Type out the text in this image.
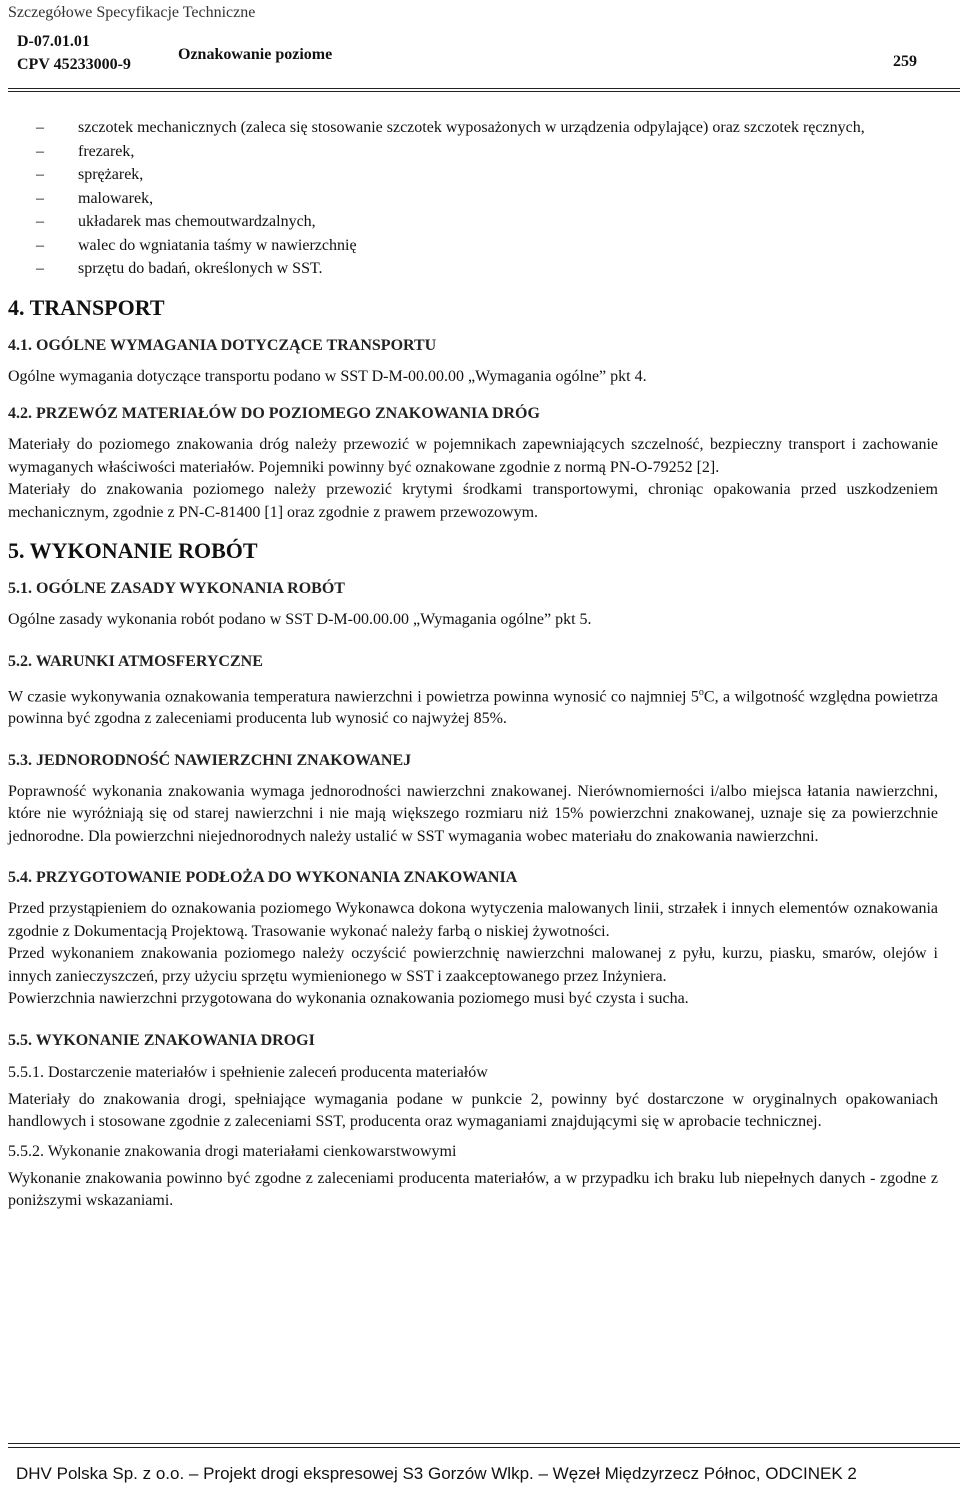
Szczegółowe Specyfikacje Techniczne
D-07.01.01
CPV 45233000-9
Oznakowanie poziome	259
– szczotek mechanicznych (zaleca się stosowanie szczotek wyposażonych w urządzenia odpylające) oraz szczotek ręcznych,
– frezarek,
– sprężarek,
– malowarek,
– układarek mas chemoutwardzalnych,
– walec do wgniatania taśmy w nawierzchnię
– sprzętu do badań, określonych w SST.
4. TRANSPORT
4.1. OGÓLNE WYMAGANIA DOTYCZĄCE TRANSPORTU

Ogólne wymagania dotyczące transportu podano w SST D-M-00.00.00 „Wymagania ogólne” pkt 4.

4.2. PRZEWÓZ MATERIAŁÓW DO POZIOMEGO ZNAKOWANIA DRÓG

Materiały do poziomego znakowania dróg należy przewozić w pojemnikach zapewniających szczelność, bezpieczny transport i zachowanie wymaganych właściwości materiałów. Pojemniki powinny być oznakowane zgodnie z normą PN-O-79252 [2].

Materiały do znakowania poziomego należy przewozić krytymi środkami transportowymi, chroniąc opakowania przed uszkodzeniem mechanicznym, zgodnie z PN-C-81400 [1] oraz zgodnie z prawem przewozowym.

5. WYKONANIE ROBÓT
5.1. OGÓLNE ZASADY WYKONANIA ROBÓT

Ogólne zasady wykonania robót podano w SST D-M-00.00.00 „Wymagania ogólne” pkt 5.

5.2. WARUNKI ATMOSFERYCZNE

W czasie wykonywania oznakowania temperatura nawierzchni i powietrza powinna wynosić co najmniej 5$^o$C, a wilgotność względna powietrza powinna być zgodna z zaleceniami producenta lub wynosić co najwyżej 85%.

5.3. JEDNORODNOŚĆ NAWIERZCHNI ZNAKOWANEJ

Poprawność wykonania znakowania wymaga jednorodności nawierzchni znakowanej. Nierównomierności i/albo miejsca łatania nawierzchni, które nie wyróżniają się od starej nawierzchni i nie mają większego rozmiaru niż 15% powierzchni znakowanej, uznaje się za powierzchnie jednorodne. Dla powierzchni niejednorodnych należy ustalić w SST wymagania wobec materiału do znakowania nawierzchni.

5.4. PRZYGOTOWANIE PODŁOŻA DO WYKONANIA ZNAKOWANIA

Przed przystąpieniem do oznakowania poziomego Wykonawca dokona wytyczenia malowanych linii, strzałek i innych elementów oznakowania zgodnie z Dokumentacją Projektową. Trasowanie wykonać należy farbą o niskiej żywotności.

Przed wykonaniem znakowania poziomego należy oczyścić powierzchnię nawierzchni malowanej z pyłu, kurzu, piasku, smarów, olejów i innych zanieczyszczeń, przy użyciu sprzętu wymienionego w SST i zaakceptowanego przez Inżyniera.

Powierzchnia nawierzchni przygotowana do wykonania oznakowania poziomego musi być czysta i sucha.

5.5. WYKONANIE ZNAKOWANIA DROGI
5.5.1. Dostarczenie materiałów i spełnienie zaleceń producenta materiałów

Materiały do znakowania drogi, spełniające wymagania podane w punkcie 2, powinny być dostarczone w oryginalnych opakowaniach handlowych i stosowane zgodnie z zaleceniami SST, producenta oraz wymaganiami znajdującymi się w aprobacie technicznej.

5.5.2. Wykonanie znakowania drogi materiałami cienkowarstwowymi

Wykonanie znakowania powinno być zgodne z zaleceniami producenta materiałów, a w przypadku ich braku lub niepełnych danych - zgodne z poniższymi wskazaniami.

DHV Polska Sp. z o.o. – Projekt drogi ekspresowej S3 Gorzów Wlkp. – Węzeł Międzyrzecz Północ, ODCINEK 2
